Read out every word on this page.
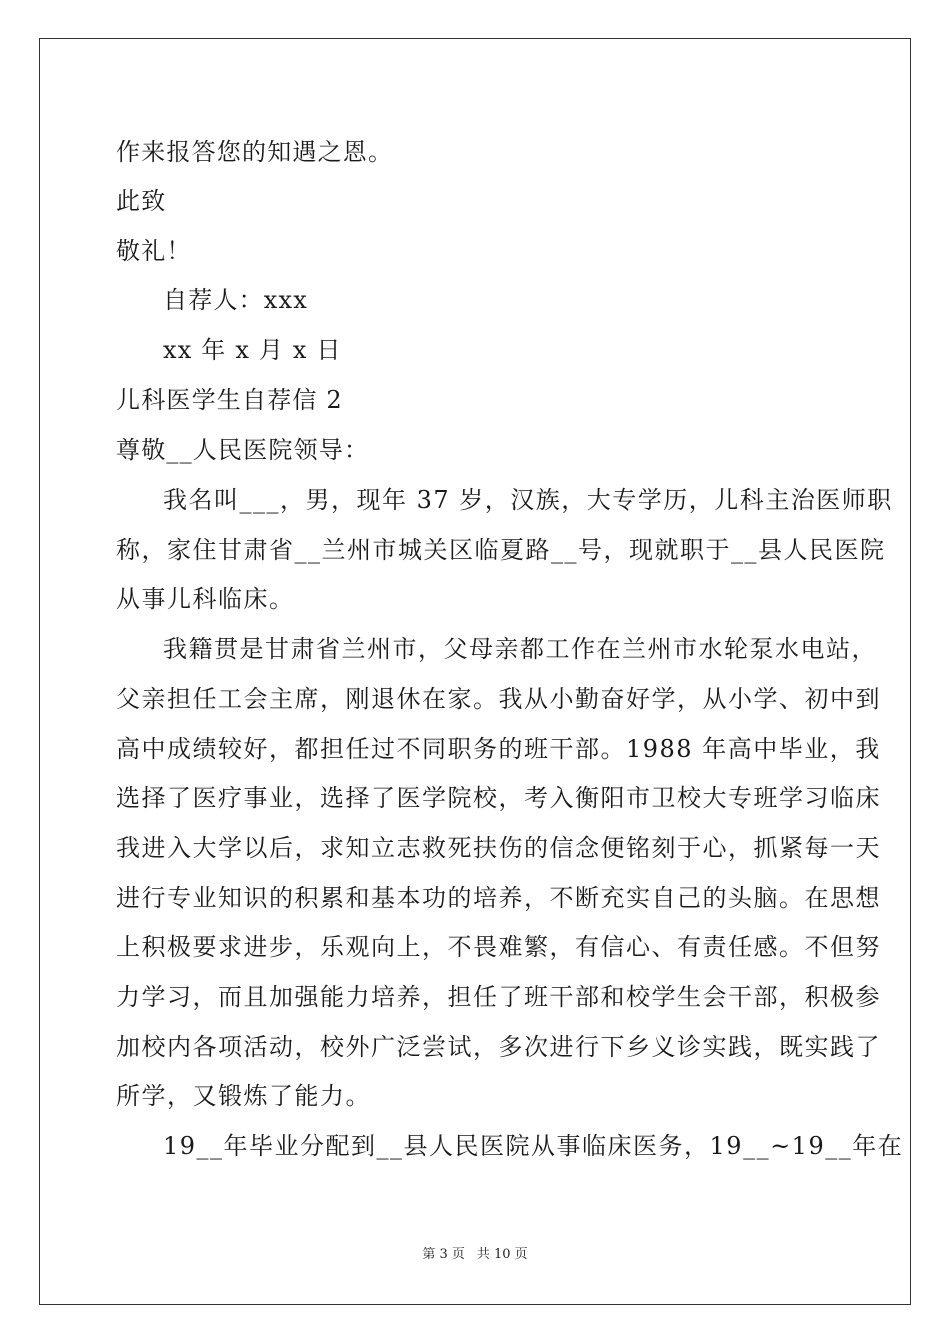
作来报答您的知遇之恩。
此致
敬礼！
自荐人：xxx
xx 年 x 月 x 日
儿科医学生自荐信 2
尊敬__人民医院领导：
我名叫___，男，现年 37 岁，汉族，大专学历，儿科主治医师职
称，家住甘肃省__兰州市城关区临夏路__号，现就职于__县人民医院
从事儿科临床。
我籍贯是甘肃省兰州市，父母亲都工作在兰州市水轮泵水电站，
父亲担任工会主席，刚退休在家。我从小勤奋好学，从小学、初中到
高中成绩较好，都担任过不同职务的班干部。1988 年高中毕业，我
选择了医疗事业，选择了医学院校，考入衡阳市卫校大专班学习临床
我进入大学以后，求知立志救死扶伤的信念便铭刻于心，抓紧每一天
进行专业知识的积累和基本功的培养，不断充实自己的头脑。在思想
上积极要求进步，乐观向上，不畏难繁，有信心、有责任感。不但努
力学习，而且加强能力培养，担任了班干部和校学生会干部，积极参
加校内各项活动，校外广泛尝试，多次进行下乡义诊实践，既实践了
所学，又锻炼了能力。
19__年毕业分配到__县人民医院从事临床医务，19__~19__年在
第 3 页 共 10 页
